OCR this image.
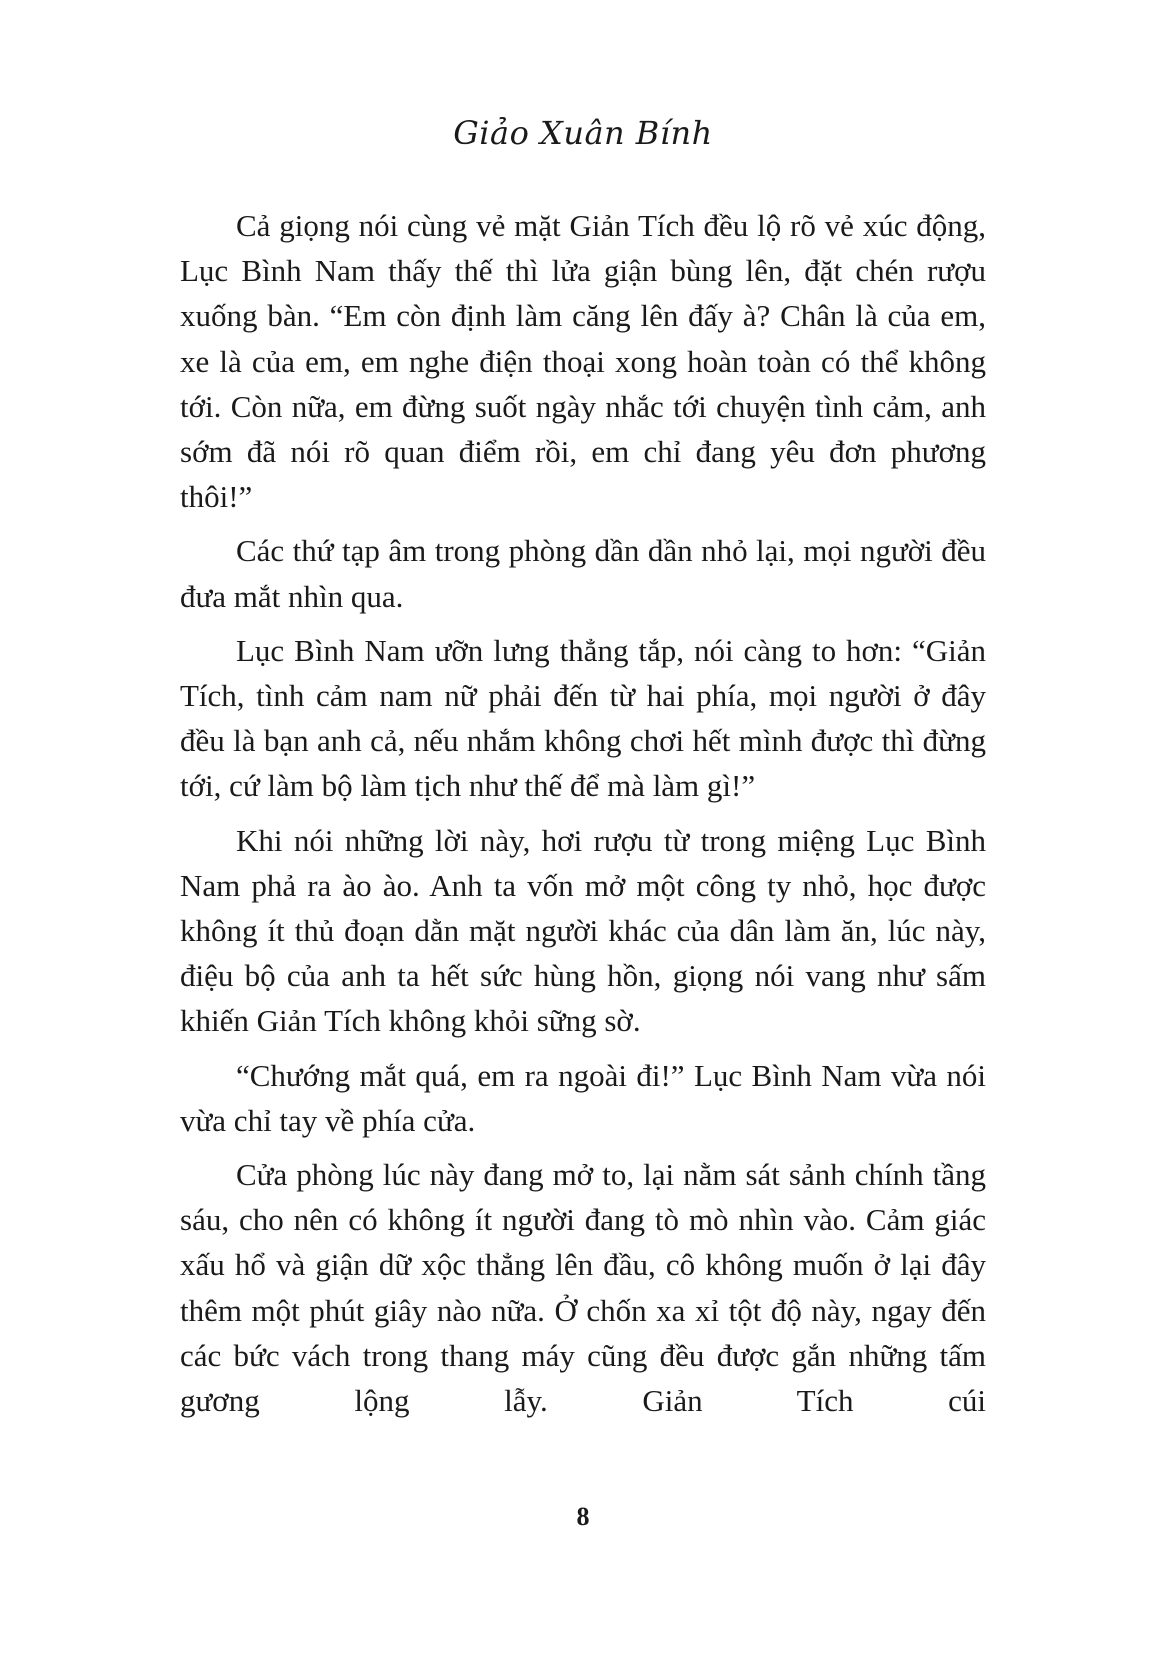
Giảo Xuân Bính

Cả giọng nói cùng vẻ mặt Giản Tích đều lộ rõ vẻ xúc động, Lục Bình Nam thấy thế thì lửa giận bùng lên, đặt chén rượu xuống bàn. “Em còn định làm căng lên đấy à? Chân là của em, xe là của em, em nghe điện thoại xong hoàn toàn có thể không tới. Còn nữa, em đừng suốt ngày nhắc tới chuyện tình cảm, anh sớm đã nói rõ quan điểm rồi, em chỉ đang yêu đơn phương thôi!”

Các thứ tạp âm trong phòng dần dần nhỏ lại, mọi người đều đưa mắt nhìn qua.

Lục Bình Nam ưỡn lưng thẳng tắp, nói càng to hơn: “Giản Tích, tình cảm nam nữ phải đến từ hai phía, mọi người ở đây đều là bạn anh cả, nếu nhắm không chơi hết mình được thì đừng tới, cứ làm bộ làm tịch như thế để mà làm gì!”

Khi nói những lời này, hơi rượu từ trong miệng Lục Bình Nam phả ra ào ào. Anh ta vốn mở một công ty nhỏ, học được không ít thủ đoạn dằn mặt người khác của dân làm ăn, lúc này, điệu bộ của anh ta hết sức hùng hồn, giọng nói vang như sấm khiến Giản Tích không khỏi sững sờ.

“Chướng mắt quá, em ra ngoài đi!” Lục Bình Nam vừa nói vừa chỉ tay về phía cửa.

Cửa phòng lúc này đang mở to, lại nằm sát sảnh chính tầng sáu, cho nên có không ít người đang tò mò nhìn vào. Cảm giác xấu hổ và giận dữ xộc thẳng lên đầu, cô không muốn ở lại đây thêm một phút giây nào nữa. Ở chốn xa xỉ tột độ này, ngay đến các bức vách trong thang máy cũng đều được gắn những tấm gương lộng lẫy. Giản Tích cúi

8
